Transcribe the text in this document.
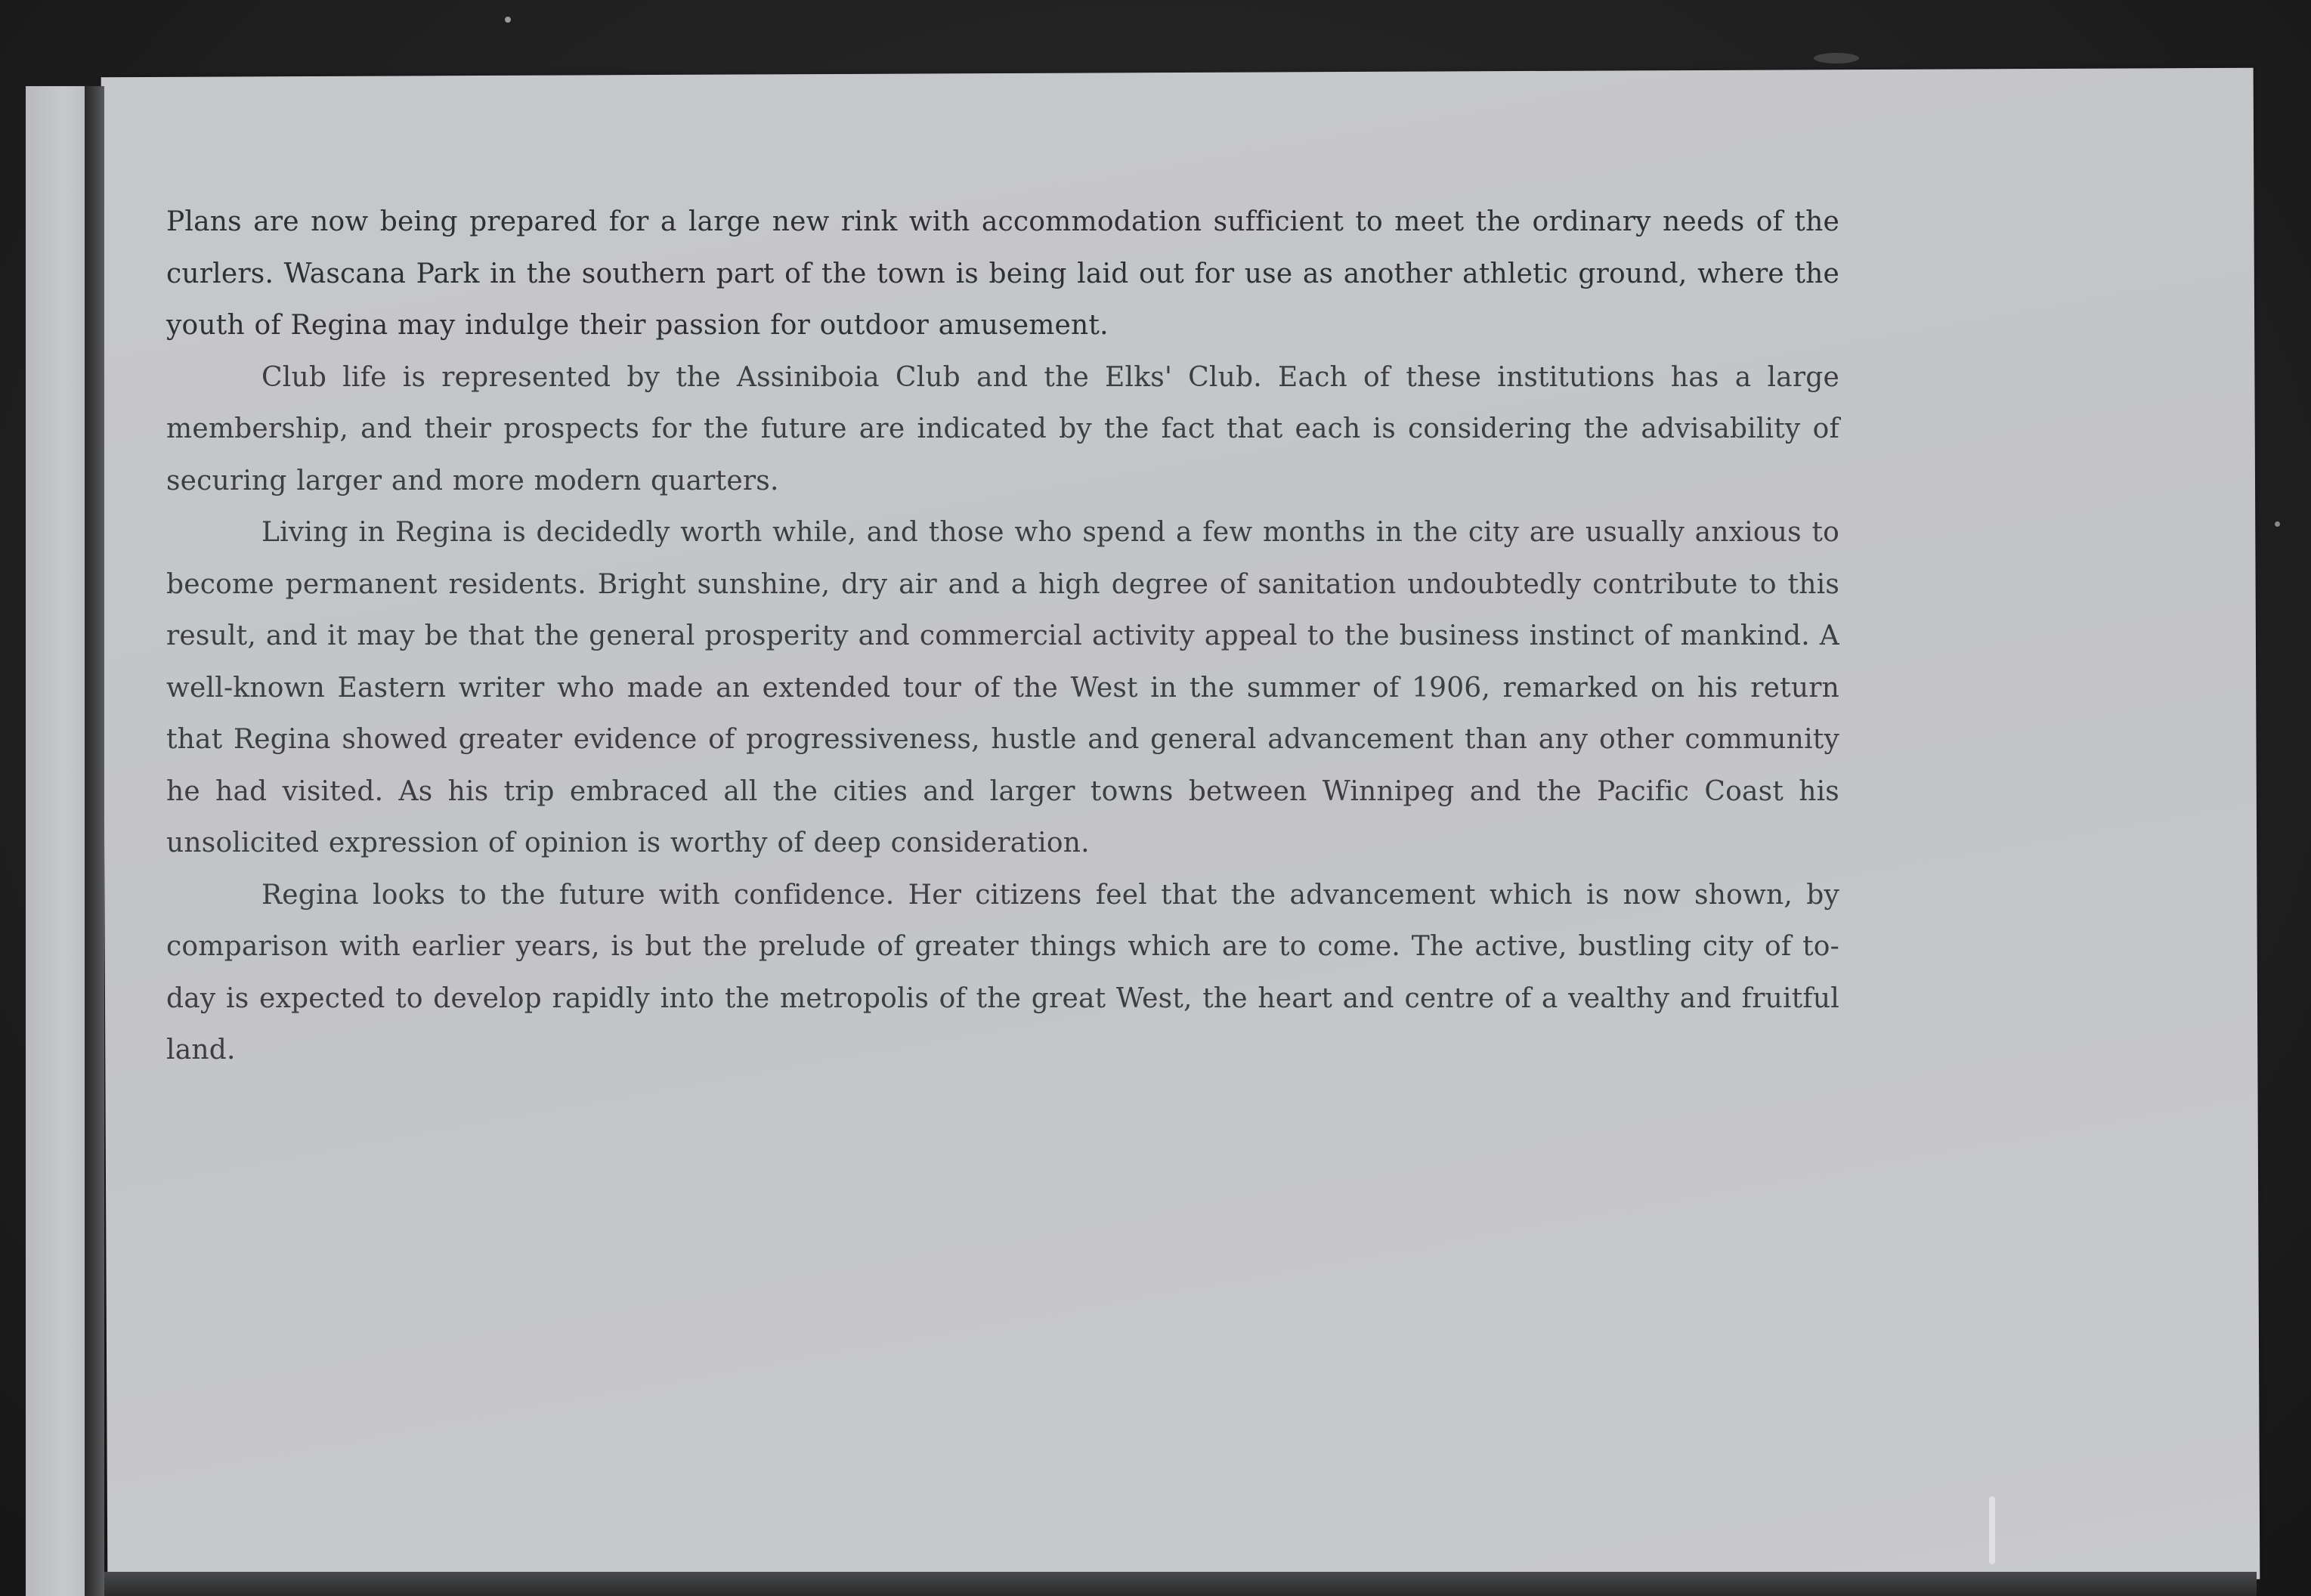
Plans are now being prepared for a large new rink with accommodation sufficient to meet the ordinary needs of the curlers. Wascana Park in the southern part of the town is being laid out for use as another athletic ground, where the youth of Regina may indulge their passion for outdoor amusement.

Club life is represented by the Assiniboia Club and the Elks' Club. Each of these institutions has a large membership, and their prospects for the future are indicated by the fact that each is considering the advisability of securing larger and more modern quarters.

Living in Regina is decidedly worth while, and those who spend a few months in the city are usually anxious to become permanent residents. Bright sunshine, dry air and a high degree of sanitation undoubtedly contribute to this result, and it may be that the general prosperity and commercial activity appeal to the business instinct of mankind. A well-known Eastern writer who made an extended tour of the West in the summer of 1906, remarked on his return that Regina showed greater evidence of progressiveness, hustle and general advancement than any other community he had visited. As his trip embraced all the cities and larger towns between Winnipeg and the Pacific Coast his unsolicited expression of opinion is worthy of deep consideration.

Regina looks to the future with confidence. Her citizens feel that the advancement which is now shown, by comparison with earlier years, is but the prelude of greater things which are to come. The active, bustling city of to-day is expected to develop rapidly into the metropolis of the great West, the heart and centre of a vealthy and fruitful land.
